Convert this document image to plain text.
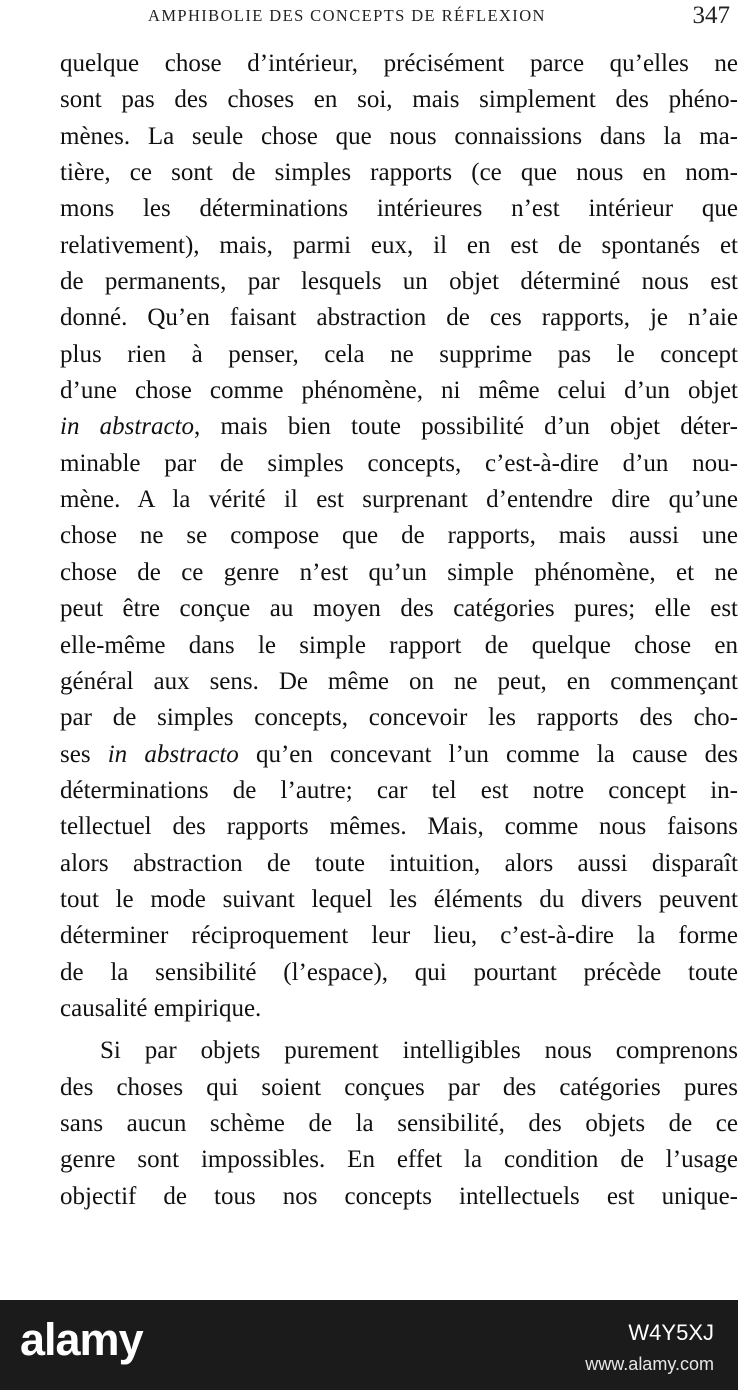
AMPHIBOLIE DES CONCEPTS DE RÉFLEXION	347
quelque chose d’intérieur, précisément parce qu’elles ne
sont pas des choses en soi, mais simplement des phéno-
mènes. La seule chose que nous connaissions dans la ma-
tière, ce sont de simples rapports (ce que nous en nom-
mons les déterminations intérieures n’est intérieur que
relativement), mais, parmi eux, il en est de spontanés et
de permanents, par lesquels un objet déterminé nous est
donné. Qu’en faisant abstraction de ces rapports, je n’aie
plus rien à penser, cela ne supprime pas le concept
d’une chose comme phénomène, ni même celui d’un objet
in abstracto, mais bien toute possibilité d’un objet déter-
minable par de simples concepts, c’est-à-dire d’un nou-
mène. A la vérité il est surprenant d’entendre dire qu’une
chose ne se compose que de rapports, mais aussi une
chose de ce genre n’est qu’un simple phénomène, et ne
peut être conçue au moyen des catégories pures; elle est
elle-même dans le simple rapport de quelque chose en
général aux sens. De même on ne peut, en commençant
par de simples concepts, concevoir les rapports des cho-
ses in abstracto qu’en concevant l’un comme la cause des
déterminations de l’autre; car tel est notre concept in-
tellectuel des rapports mêmes. Mais, comme nous faisons
alors abstraction de toute intuition, alors aussi disparaît
tout le mode suivant lequel les éléments du divers peuvent
déterminer réciproquement leur lieu, c’est-à-dire la forme
de la sensibilité (l’espace), qui pourtant précède toute
causalité empirique.
Si par objets purement intelligibles nous comprenons
des choses qui soient conçues par des catégories pures
sans aucun schème de la sensibilité, des objets de ce
genre sont impossibles. En effet la condition de l’usage
objectif de tous nos concepts intellectuels est unique-
alamy	W4Y5XJ
www.alamy.com
